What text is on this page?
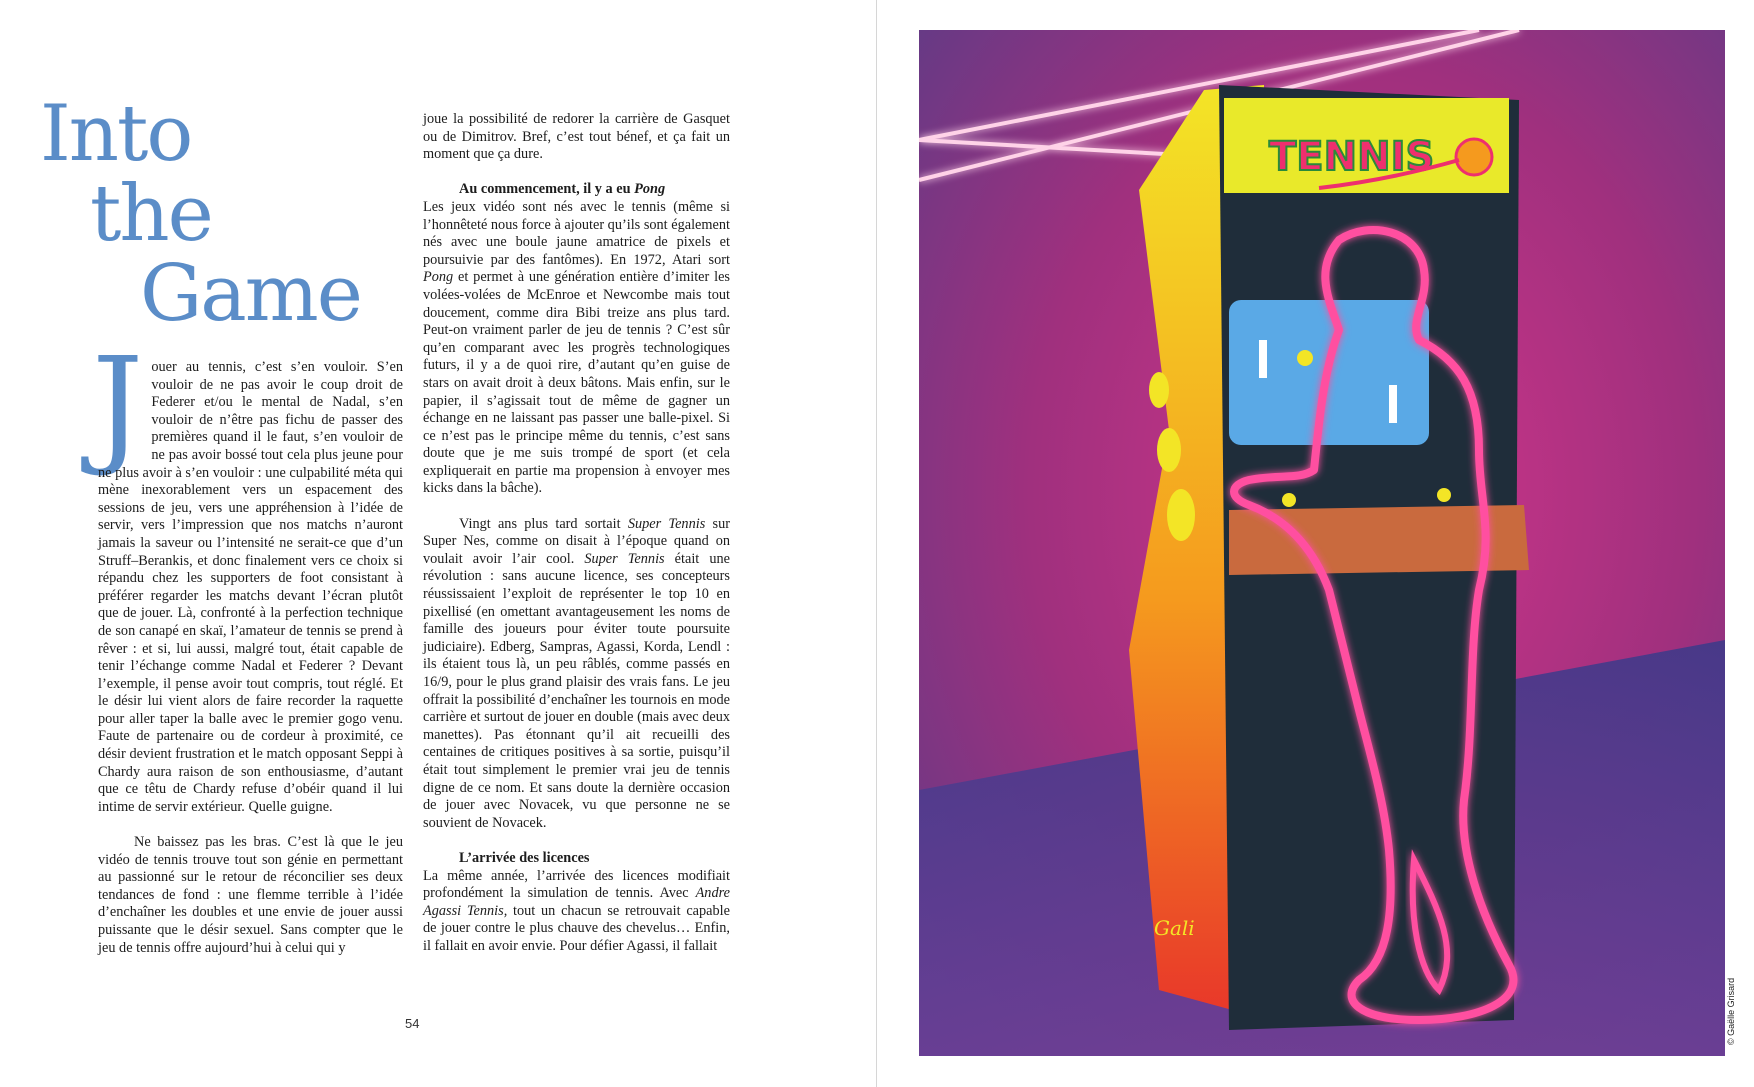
Into
the
Game

Jouer au tennis, c’est s’en vouloir. S’en vouloir de ne pas avoir le coup droit de Federer et/ou le mental de Nadal, s’en vouloir de n’être pas fichu de passer des premières quand il le faut, s’en vouloir de ne pas avoir bossé tout cela plus jeune pour ne plus avoir à s’en vouloir : une culpabilité méta qui mène inexorablement vers un espacement des sessions de jeu, vers une appréhension à l’idée de servir, vers l’impression que nos matchs n’auront jamais la saveur ou l’intensité ne serait-ce que d’un Struff–Berankis, et donc finalement vers ce choix si répandu chez les supporters de foot consistant à préférer regarder les matchs devant l’écran plutôt que de jouer. Là, confronté à la perfection technique de son canapé en skaï, l’amateur de tennis se prend à rêver : et si, lui aussi, malgré tout, était capable de tenir l’échange comme Nadal et Federer ? Devant l’exemple, il pense avoir tout compris, tout réglé. Et le désir lui vient alors de faire recorder la raquette pour aller taper la balle avec le premier gogo venu. Faute de partenaire ou de cordeur à proximité, ce désir devient frustration et le match opposant Seppi à Chardy aura raison de son enthousiasme, d’autant que ce têtu de Chardy refuse d’obéir quand il lui intime de servir extérieur. Quelle guigne.

Ne baissez pas les bras. C’est là que le jeu vidéo de tennis trouve tout son génie en permettant au passionné sur le retour de réconcilier ses deux tendances de fond : une flemme terrible à l’idée d’enchaîner les doubles et une envie de jouer aussi puissante que le désir sexuel. Sans compter que le jeu de tennis offre aujourd’hui à celui qui y

joue la possibilité de redorer la carrière de Gasquet ou de Dimitrov. Bref, c’est tout bénef, et ça fait un moment que ça dure.

Au commencement, il y a eu Pong

Les jeux vidéo sont nés avec le tennis (même si l’honnêteté nous force à ajouter qu’ils sont également nés avec une boule jaune amatrice de pixels et poursuivie par des fantômes). En 1972, Atari sort Pong et permet à une génération entière d’imiter les volées-volées de McEnroe et Newcombe mais tout doucement, comme dira Bibi treize ans plus tard. Peut-on vraiment parler de jeu de tennis ? C’est sûr qu’en comparant avec les progrès technologiques futurs, il y a de quoi rire, d’autant qu’en guise de stars on avait droit à deux bâtons. Mais enfin, sur le papier, il s’agissait tout de même de gagner un échange en ne laissant pas passer une balle-pixel. Si ce n’est pas le principe même du tennis, c’est sans doute que je me suis trompé de sport (et cela expliquerait en partie ma propension à envoyer mes kicks dans la bâche).

Vingt ans plus tard sortait Super Tennis sur Super Nes, comme on disait à l’époque quand on voulait avoir l’air cool. Super Tennis était une révolution : sans aucune licence, ses concepteurs réussissaient l’exploit de représenter le top 10 en pixellisé (en omettant avantageusement les noms de famille des joueurs pour éviter toute poursuite judiciaire). Edberg, Sampras, Agassi, Korda, Lendl : ils étaient tous là, un peu râblés, comme passés en 16/9, pour le plus grand plaisir des vrais fans. Le jeu offrait la possibilité d’enchaîner les tournois en mode carrière et surtout de jouer en double (mais avec deux manettes). Pas étonnant qu’il ait recueilli des centaines de critiques positives à sa sortie, puisqu’il était tout simplement le premier vrai jeu de tennis digne de ce nom. Et sans doute la dernière occasion de jouer avec Novacek, vu que personne ne se souvient de Novacek.

L’arrivée des licences

La même année, l’arrivée des licences modifiait profondément la simulation de tennis. Avec Andre Agassi Tennis, tout un chacun se retrouvait capable de jouer contre le plus chauve des chevelus… Enfin, il fallait en avoir envie. Pour défier Agassi, il fallait

54
TENNIS
Gali
© Gaëlle Grisard
